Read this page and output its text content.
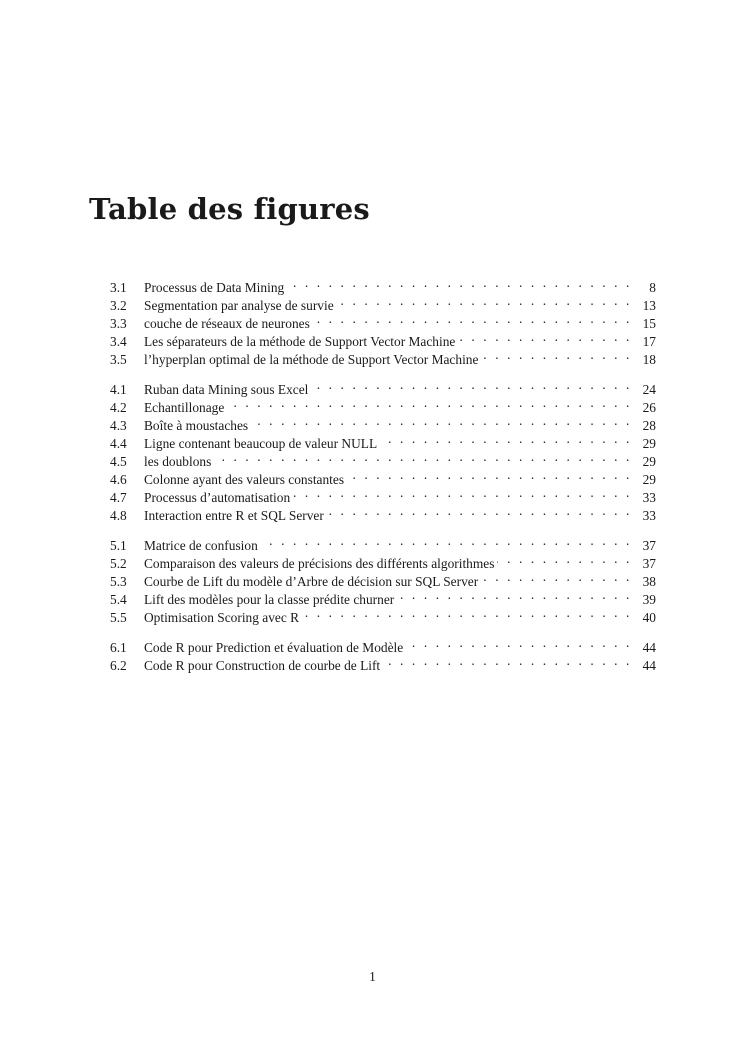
Table des figures
3.1	Processus de Data Mining . . .	8
3.2	Segmentation par analyse de survie . . .	13
3.3	couche de réseaux de neurones . . .	15
3.4	Les séparateurs de la méthode de Support Vector Machine . . .	17
3.5	l’hyperplan optimal de la méthode de Support Vector Machine . . .	18
4.1	Ruban data Mining sous Excel . . .	24
4.2	Echantillonage . . .	26
4.3	Boîte à moustaches . . .	28
4.4	Ligne contenant beaucoup de valeur NULL . . .	29
4.5	les doublons . . .	29
4.6	Colonne ayant des valeurs constantes . . .	29
4.7	Processus d’automatisation . . .	33
4.8	Interaction entre R et SQL Server . . .	33
5.1	Matrice de confusion . . .	37
5.2	Comparaison des valeurs de précisions des différents algorithmes . . .	37
5.3	Courbe de Lift du modèle d’Arbre de décision sur SQL Server . . .	38
5.4	Lift des modèles pour la classe prédite churner . . .	39
5.5	Optimisation Scoring avec R . . .	40
6.1	Code R pour Prediction et évaluation de Modèle . . .	44
6.2	Code R pour Construction de courbe de Lift . . .	44
1
